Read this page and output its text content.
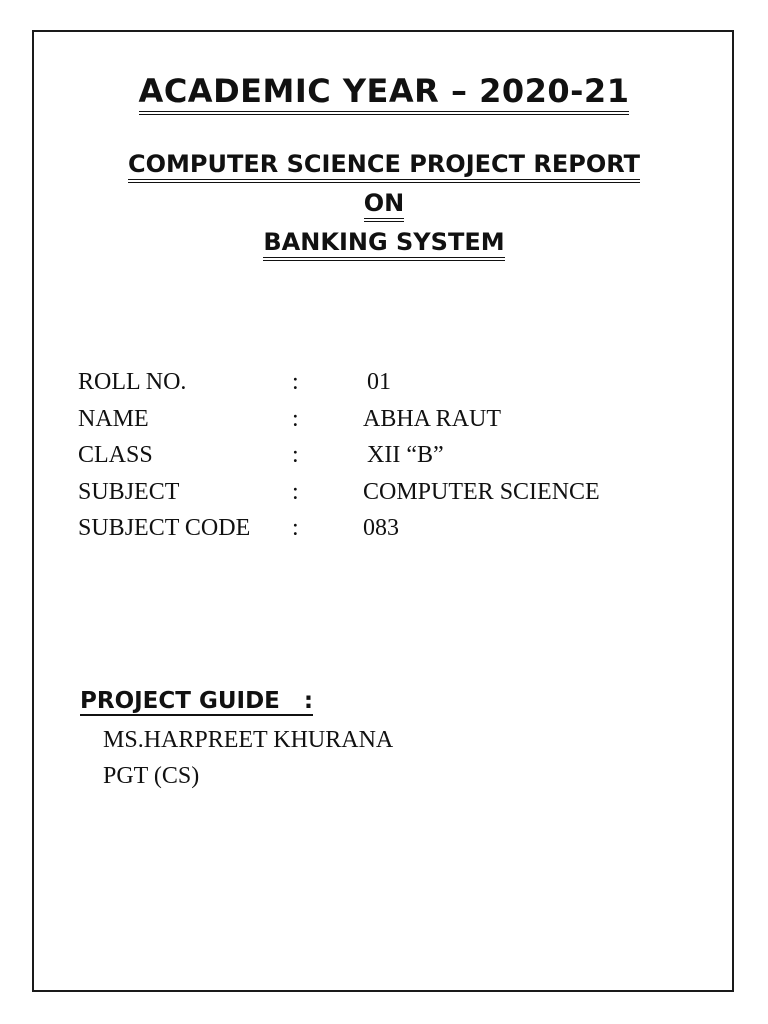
ACADEMIC YEAR – 2020-21
COMPUTER SCIENCE PROJECT REPORT
ON
BANKING SYSTEM
ROLL NO.	:	01
NAME	:	ABHA RAUT
CLASS	:	XII “B”
SUBJECT	:	COMPUTER SCIENCE
SUBJECT CODE :	083
PROJECT GUIDE   :
MS.HARPREET KHURANA
PGT (CS)
